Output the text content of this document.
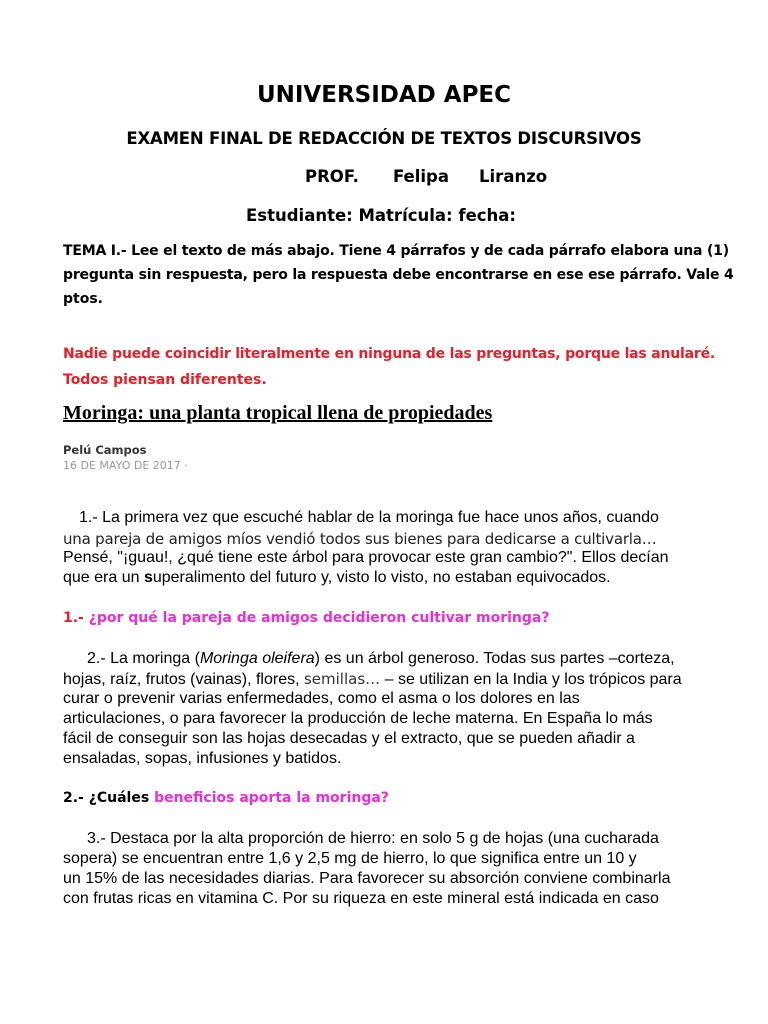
UNIVERSIDAD APEC
EXAMEN FINAL DE REDACCIÓN DE TEXTOS DISCURSIVOS
PROF. Felipa Liranzo
Estudiante: Matrícula: fecha:
TEMA I.- Lee el texto de más abajo. Tiene 4 párrafos y de cada párrafo elabora una (1)
pregunta sin respuesta, pero la respuesta debe encontrarse en ese ese párrafo. Vale 4
ptos.
Nadie puede coincidir literalmente en ninguna de las preguntas, porque las anularé.
Todos piensan diferentes.
Moringa: una planta tropical llena de propiedades
Pelú Campos
16 DE MAYO DE 2017 ·
1.- La primera vez que escuché hablar de la moringa fue hace unos años, cuando
una pareja de amigos míos vendió todos sus bienes para dedicarse a cultivarla…
Pensé, "¡guau!, ¿qué tiene este árbol para provocar este gran cambio?". Ellos decían
que era un superalimento del futuro y, visto lo visto, no estaban equivocados.
1.- ¿por qué la pareja de amigos decidieron cultivar moringa?
2.- La moringa (Moringa oleifera) es un árbol generoso. Todas sus partes –corteza,
hojas, raíz, frutos (vainas), flores, semillas… – se utilizan en la India y los trópicos para
curar o prevenir varias enfermedades, como el asma o los dolores en las
articulaciones, o para favorecer la producción de leche materna. En España lo más
fácil de conseguir son las hojas desecadas y el extracto, que se pueden añadir a
ensaladas, sopas, infusiones y batidos.
2.- ¿Cuáles beneficios aporta la moringa?
3.- Destaca por la alta proporción de hierro: en solo 5 g de hojas (una cucharada
sopera) se encuentran entre 1,6 y 2,5 mg de hierro, lo que significa entre un 10 y
un 15% de las necesidades diarias. Para favorecer su absorción conviene combinarla
con frutas ricas en vitamina C. Por su riqueza en este mineral está indicada en caso
